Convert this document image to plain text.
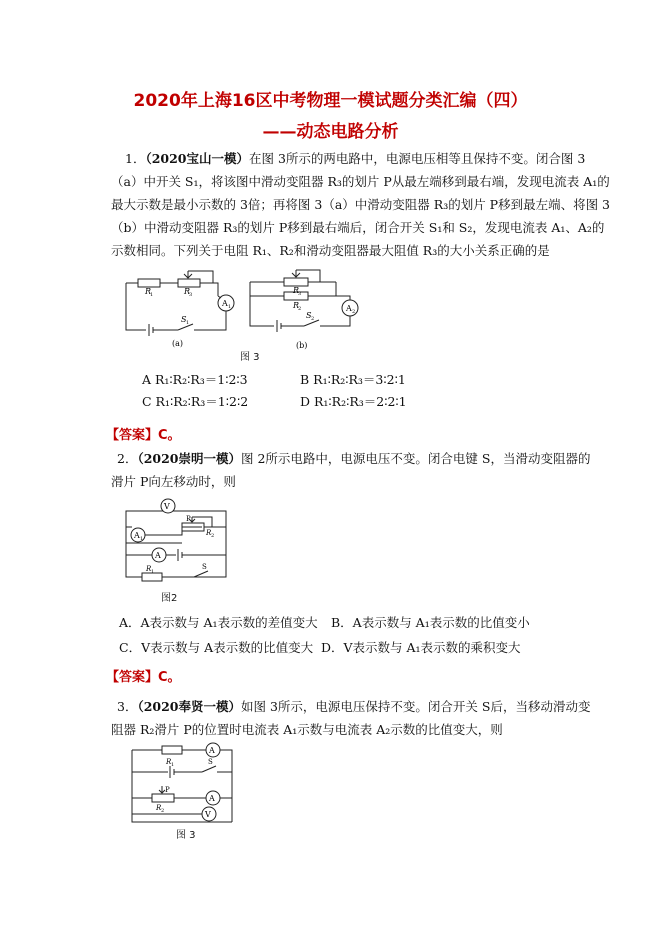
2020年上海16区中考物理一模试题分类汇编（四）
——动态电路分析
1．（2020宝山一模）在图 3所示的两电路中，电源电压相等且保持不变。闭合图 3
（a）中开关 S₁，将该图中滑动变阻器 R₃的划片 P从最左端移到最右端，发现电流表 A₁的
最大示数是最小示数的 3倍；再将图 3（a）中滑动变阻器 R₃的划片 P移到最左端、将图 3
（b）中滑动变阻器 R₃的划片 P移到最右端后，闭合开关 S₁和 S₂，发现电流表 A₁、A₂的
示数相同。下列关于电阻 R₁、R₂和滑动变阻器最大阻值 R₃的大小关系正确的是
R
1	R
3
A 1
S 1
(a)
R
3
R
2	A 2
S 2
(b)
图 3
A R₁∶R₂∶R₃＝1∶2∶3	B R₁∶R₂∶R₃＝3∶2∶1
C R₁∶R₂∶R₃＝1∶2∶2	D R₁∶R₂∶R₃＝2∶2∶1
【答案】C。
2．（2020崇明一模）图 2所示电路中，电源电压不变。闭合电键 S，当滑动变阻器的
滑片 P向左移动时，则
V
A 1
A
P
R 2
R 1
S
图2
A．A表示数与 A₁表示数的差值变大 B．A表示数与 A₁表示数的比值变小
C．V表示数与 A表示数的比值变大 D．V表示数与 A₁表示数的乘积变大
【答案】C。
3．（2020奉贤一模）如图 3所示，电源电压保持不变。闭合开关 S后，当移动滑动变
阻器 R₂滑片 P的位置时电流表 A₁示数与电流表 A₂示数的比值变大，则
R 1
A
S
P
R 2
A
V
图 3
